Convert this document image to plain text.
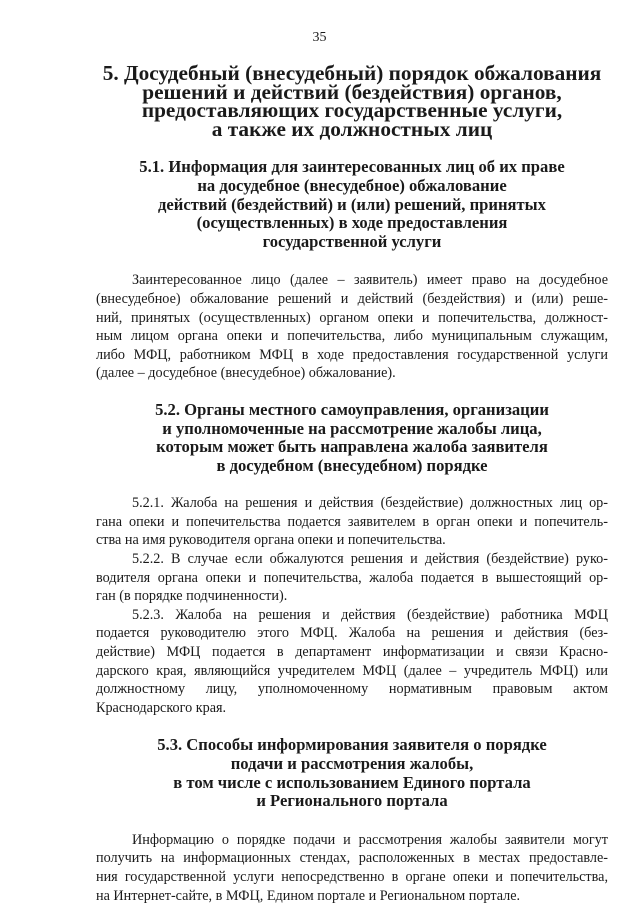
35

5. Досудебный (внесудебный) порядок обжалования
решений и действий (бездействия) органов,
предоставляющих государственные услуги,
а также их должностных лиц
5.1. Информация для заинтересованных лиц об их праве
на досудебное (внесудебное) обжалование
действий (бездействий) и (или) решений, принятых
(осуществленных) в ходе предоставления
государственной услуги

Заинтересованное лицо (далее – заявитель) имеет право на досудебное
(внесудебное) обжалование решений и действий (бездействия) и (или) реше-
ний, принятых (осуществленных) органом опеки и попечительства, должност-
ным лицом органа опеки и попечительства, либо муниципальным служащим,
либо МФЦ, работником МФЦ в ходе предоставления государственной услуги
(далее – досудебное (внесудебное) обжалование).

5.2. Органы местного самоуправления, организации
и уполномоченные на рассмотрение жалобы лица,
которым может быть направлена жалоба заявителя
в досудебном (внесудебном) порядке

5.2.1. Жалоба на решения и действия (бездействие) должностных лиц ор-
гана опеки и попечительства подается заявителем в орган опеки и попечитель-
ства на имя руководителя органа опеки и попечительства.

5.2.2. В случае если обжалуются решения и действия (бездействие) руко-
водителя органа опеки и попечительства, жалоба подается в вышестоящий ор-
ган (в порядке подчиненности).

5.2.3. Жалоба на решения и действия (бездействие) работника МФЦ
подается руководителю этого МФЦ. Жалоба на решения и действия (без-
действие) МФЦ подается в департамент информатизации и связи Красно-
дарского края, являющийся учредителем МФЦ (далее – учредитель МФЦ) или
должностному лицу, уполномоченному нормативным правовым актом
Краснодарского края.

5.3. Способы информирования заявителя о порядке
подачи и рассмотрения жалобы,
в том числе с использованием Единого портала
и Регионального портала

Информацию о порядке подачи и рассмотрения жалобы заявители могут
получить на информационных стендах, расположенных в местах предоставле-
ния государственной услуги непосредственно в органе опеки и попечительства,
на Интернет-сайте, в МФЦ, Едином портале и Региональном портале.
